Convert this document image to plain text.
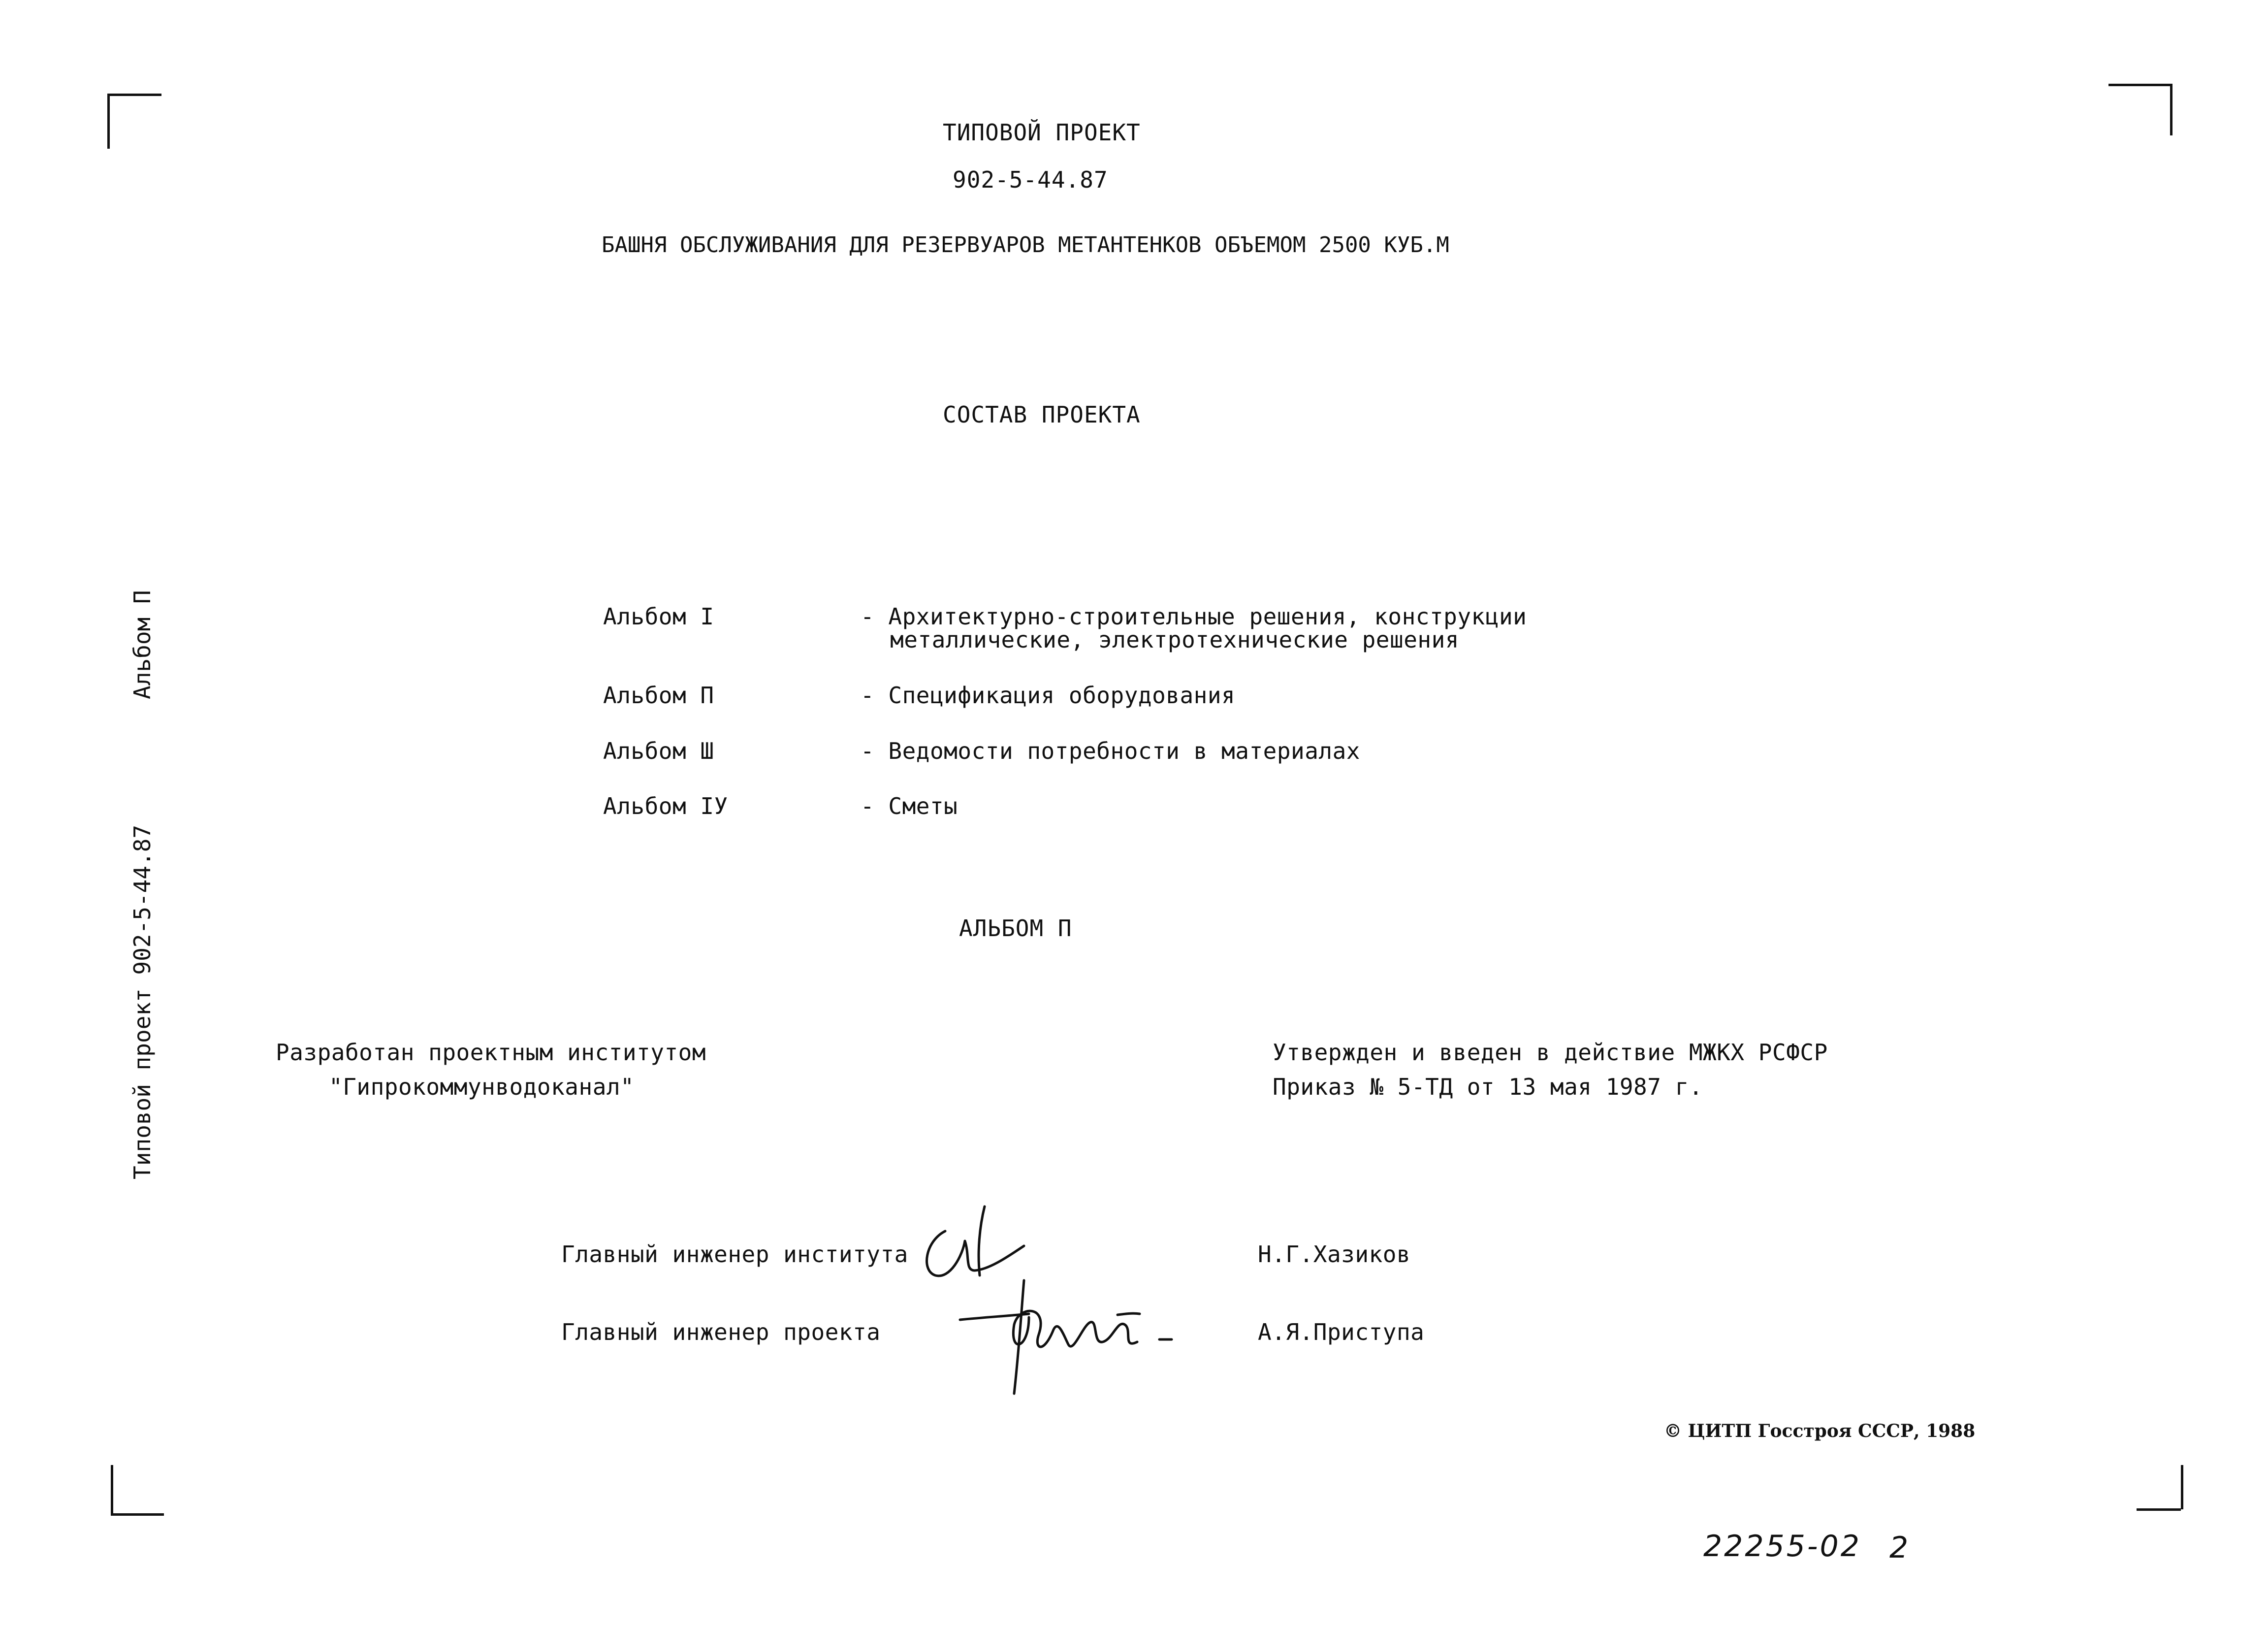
Альбом П
Типовой проект 902-5-44.87
ТИПОВОЙ ПРОЕКТ
902-5-44.87
БАШНЯ ОБСЛУЖИВАНИЯ ДЛЯ РЕЗЕРВУАРОВ МЕТАНТЕНКОВ ОБЪЕМОМ 2500 КУБ.М
СОСТАВ ПРОЕКТА
Альбом I	- Архитектурно-строительные решения, конструкции
металлические, электротехнические решения
Альбом П	- Спецификация оборудования
Альбом Ш	- Ведомости потребности в материалах
Альбом IУ	- Сметы
АЛЬБОМ П
Разработан проектным институтом
"Гипрокоммунводоканал"
Утвержден и введен в действие МЖКХ РСФСР
Приказ № 5-ТД от 13 мая 1987 г.
Главный инженер института	Н.Г.Хазиков
Главный инженер проекта	А.Я.Приступа
© ЦИТП Госстроя СССР, 1988
22255-02 2
